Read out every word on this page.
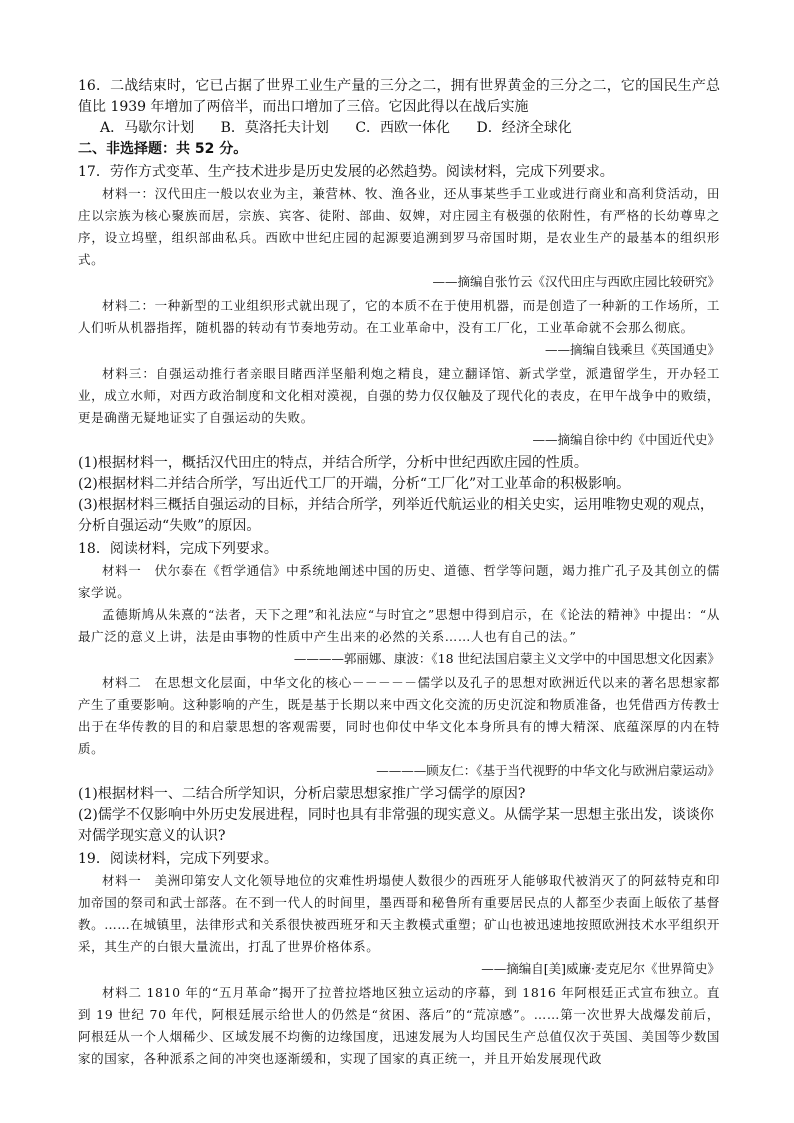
16．二战结束时，它已占据了世界工业生产量的三分之二，拥有世界黄金的三分之二，它的国民生产总值比 1939 年增加了两倍半，而出口增加了三倍。它因此得以在战后实施

A．马歇尔计划 B．莫洛托夫计划 C．西欧一体化 D．经济全球化

二、非选择题：共 52 分。

17．劳作方式变革、生产技术进步是历史发展的必然趋势。阅读材料，完成下列要求。

材料一：汉代田庄一般以农业为主，兼营林、牧、渔各业，还从事某些手工业或进行商业和高利贷活动，田庄以宗族为核心聚族而居，宗族、宾客、徒附、部曲、奴婢，对庄园主有极强的依附性，有严格的长幼尊卑之序，设立坞壁，组织部曲私兵。西欧中世纪庄园的起源要追溯到罗马帝国时期，是农业生产的最基本的组织形式。

——摘编自张竹云《汉代田庄与西欧庄园比较研究》

材料二：一种新型的工业组织形式就出现了，它的本质不在于使用机器，而是创造了一种新的工作场所，工人们听从机器指挥，随机器的转动有节奏地劳动。在工业革命中，没有工厂化，工业革命就不会那么彻底。

——摘编自钱乘旦《英国通史》

材料三：自强运动推行者亲眼目睹西洋坚船利炮之精良，建立翻译馆、新式学堂，派遣留学生，开办轻工业，成立水师，对西方政治制度和文化相对漠视，自强的势力仅仅触及了现代化的表皮，在甲午战争中的败绩，更是确凿无疑地证实了自强运动的失败。

——摘编自徐中约《中国近代史》

(1)根据材料一，概括汉代田庄的特点，并结合所学，分析中世纪西欧庄园的性质。

(2)根据材料二并结合所学，写出近代工厂的开端，分析“工厂化”对工业革命的积极影响。

(3)根据材料三概括自强运动的目标，并结合所学，列举近代航运业的相关史实，运用唯物史观的观点，分析自强运动“失败”的原因。

18．阅读材料，完成下列要求。

材料一　伏尔泰在《哲学通信》中系统地阐述中国的历史、道德、哲学等问题，竭力推广孔子及其创立的儒家学说。

孟德斯鸠从朱熹的“法者，天下之理”和礼法应“与时宜之”思想中得到启示，在《论法的精神》中提出：“从最广泛的意义上讲，法是由事物的性质中产生出来的必然的关系……人也有自己的法。”

————郭丽娜、康波：《18 世纪法国启蒙主义文学中的中国思想文化因素》

材料二　在思想文化层面，中华文化的核心－－－－－儒学以及孔子的思想对欧洲近代以来的著名思想家都产生了重要影响。这种影响的产生，既是基于长期以来中西文化交流的历史沉淀和物质准备，也凭借西方传教士出于在华传教的目的和启蒙思想的客观需要，同时也仰仗中华文化本身所具有的博大精深、底蕴深厚的内在特质。

————顾友仁：《基于当代视野的中华文化与欧洲启蒙运动》

(1)根据材料一、二结合所学知识，分析启蒙思想家推广学习儒学的原因?

(2)儒学不仅影响中外历史发展进程，同时也具有非常强的现实意义。从儒学某一思想主张出发，谈谈你对儒学现实意义的认识?

19．阅读材料，完成下列要求。

材料一　美洲印第安人文化领导地位的灾难性坍塌使人数很少的西班牙人能够取代被消灭了的阿兹特克和印加帝国的祭司和武士部落。在不到一代人的时间里，墨西哥和秘鲁所有重要居民点的人都至少表面上皈依了基督教。……在城镇里，法律形式和关系很快被西班牙和天主教模式重塑；矿山也被迅速地按照欧洲技术水平组织开采，其生产的白银大量流出，打乱了世界价格体系。

——摘编自[美]威廉·麦克尼尔《世界简史》

材料二 1810 年的“五月革命”揭开了拉普拉塔地区独立运动的序幕，到 1816 年阿根廷正式宣布独立。直到 19 世纪 70 年代，阿根廷展示给世人的仍然是“贫困、落后”的“荒凉感”。……第一次世界大战爆发前后，阿根廷从一个人烟稀少、区域发展不均衡的边缘国度，迅速发展为人均国民生产总值仅次于英国、美国等少数国家的国家，各种派系之间的冲突也逐渐缓和，实现了国家的真正统一，并且开始发展现代政
